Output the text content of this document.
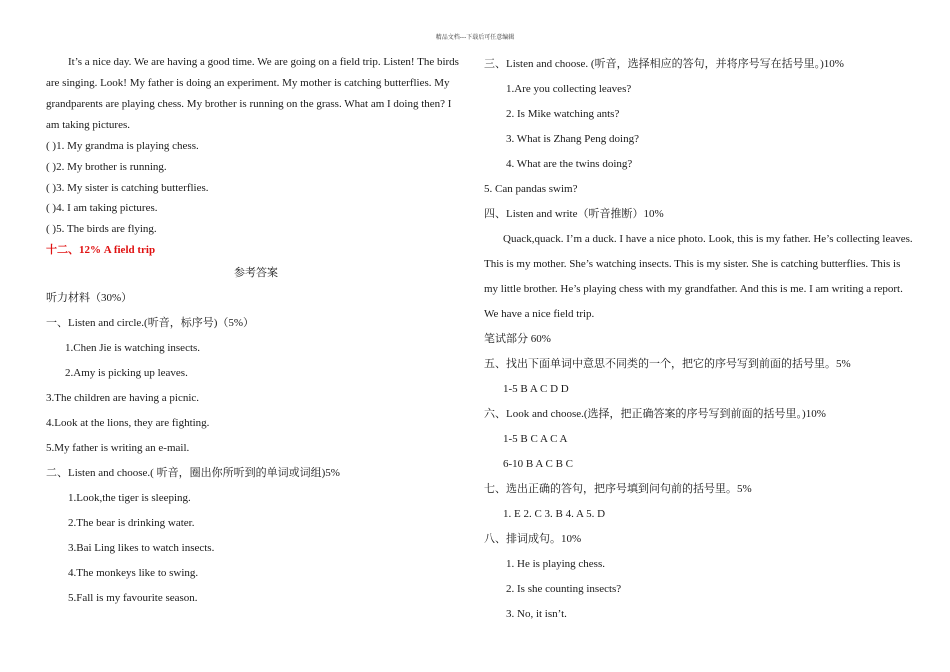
精品文档---下载后可任意编辑
It’s a nice day. We are having a good time. We are going on a field trip. Listen! The birds are singing. Look! My father is doing an experiment. My mother is catching butterflies. My grandparents are playing chess. My brother is running on the grass. What am I doing then? I am taking pictures.
( )1. My grandma is playing chess.
( )2. My brother is running.
( )3. My sister is catching butterflies.
( )4. I am taking pictures.
( )5. The birds are flying.
十二、12% A field trip
参考答案
听力材料（30%）
一、Listen and circle.(听音，标序号)（5%）
1.Chen Jie is watching insects.
2.Amy is picking up leaves.
3.The children are having a picnic.
4.Look at the lions, they are fighting.
5.My father is writing an e-mail.
二、Listen and choose.( 听音，圈出你所听到的单词或词组)5%
1.Look,the tiger is sleeping.
2.The bear is drinking water.
3.Bai Ling likes to watch insects.
4.The monkeys like to swing.
5.Fall is my favourite season.
三、Listen and choose. (听音，选择相应的答句，并将序号写在括号里。)10%
1.Are you collecting leaves?
2. Is Mike watching ants?
3. What is Zhang Peng doing?
4. What are the twins doing?
5. Can pandas swim?
四、Listen and write（听音推断）10%
Quack,quack. I’m a duck. I have a nice photo. Look, this is my father. He’s collecting leaves. This is my mother. She’s watching insects. This is my sister. She is catching butterflies. This is my little brother. He’s playing chess with my grandfather. And this is me. I am writing a report. We have a nice field trip.
笔试部分 60%
五、找出下面单词中意思不同类的一个，把它的序号写到前面的括号里。5%
1-5 B A C D D
六、Look and choose.(选择，把正确答案的序号写到前面的括号里。)10%
1-5 B C A C A
6-10 B A C B C
七、选出正确的答句，把序号填到问句前的括号里。5%
1. E 2. C 3. B 4. A 5. D
八、排词成句。10%
1. He is playing chess.
2. Is she counting insects?
3. No, it isn’t.
